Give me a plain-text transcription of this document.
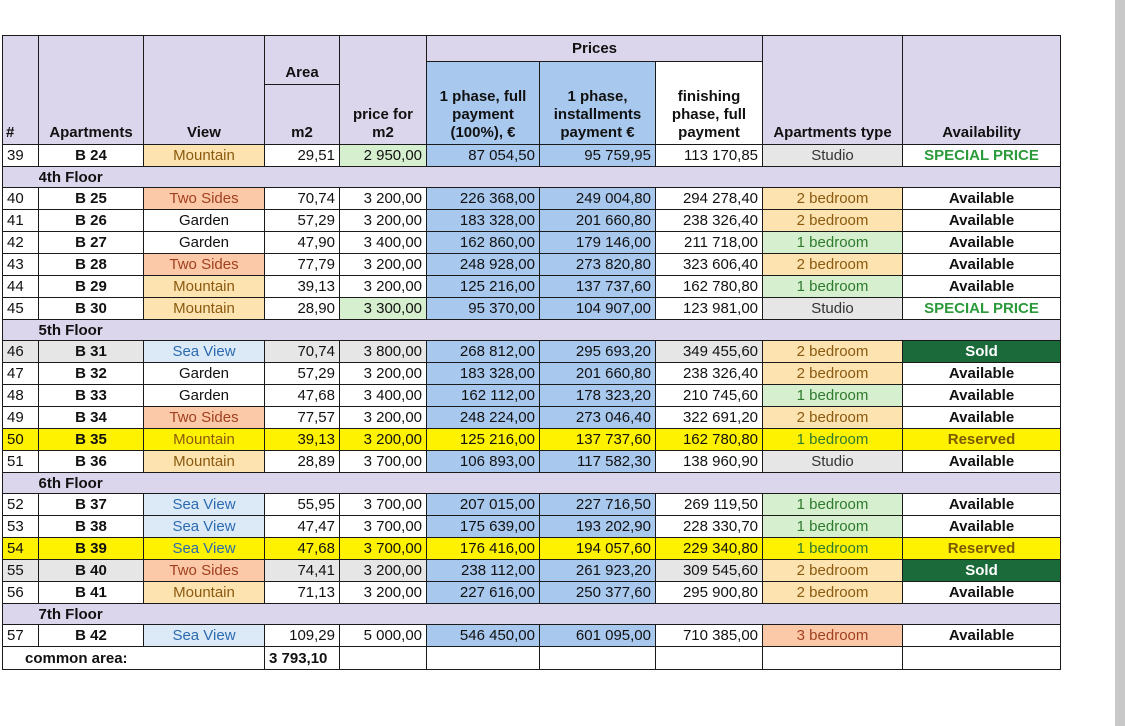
#	Apartments	View	Area	price for m2	Prices			Apartments type	Availability
					1 phase, full payment (100%), €	1 phase, installments payment €	finishing phase, full payment		
			m2						
39	B 24	Mountain	29,51	2 950,00	87 054,50	95 759,95	113 170,85	Studio	SPECIAL PRICE
	4th Floor								
40	B 25	Two Sides	70,74	3 200,00	226 368,00	249 004,80	294 278,40	2 bedroom	Available
41	B 26	Garden	57,29	3 200,00	183 328,00	201 660,80	238 326,40	2 bedroom	Available
42	B 27	Garden	47,90	3 400,00	162 860,00	179 146,00	211 718,00	1 bedroom	Available
43	B 28	Two Sides	77,79	3 200,00	248 928,00	273 820,80	323 606,40	2 bedroom	Available
44	B 29	Mountain	39,13	3 200,00	125 216,00	137 737,60	162 780,80	1 bedroom	Available
45	B 30	Mountain	28,90	3 300,00	95 370,00	104 907,00	123 981,00	Studio	SPECIAL PRICE
	5th Floor								
46	B 31	Sea View	70,74	3 800,00	268 812,00	295 693,20	349 455,60	2 bedroom	Sold
47	B 32	Garden	57,29	3 200,00	183 328,00	201 660,80	238 326,40	2 bedroom	Available
48	B 33	Garden	47,68	3 400,00	162 112,00	178 323,20	210 745,60	1 bedroom	Available
49	B 34	Two Sides	77,57	3 200,00	248 224,00	273 046,40	322 691,20	2 bedroom	Available
50	B 35	Mountain	39,13	3 200,00	125 216,00	137 737,60	162 780,80	1 bedroom	Reserved
51	B 36	Mountain	28,89	3 700,00	106 893,00	117 582,30	138 960,90	Studio	Available
	6th Floor								
52	B 37	Sea View	55,95	3 700,00	207 015,00	227 716,50	269 119,50	1 bedroom	Available
53	B 38	Sea View	47,47	3 700,00	175 639,00	193 202,90	228 330,70	1 bedroom	Available
54	B 39	Sea View	47,68	3 700,00	176 416,00	194 057,60	229 340,80	1 bedroom	Reserved
55	B 40	Two Sides	74,41	3 200,00	238 112,00	261 923,20	309 545,60	2 bedroom	Sold
56	B 41	Mountain	71,13	3 200,00	227 616,00	250 377,60	295 900,80	2 bedroom	Available
	7th Floor								
57	B 42	Sea View	109,29	5 000,00	546 450,00	601 095,00	710 385,00	3 bedroom	Available
common area:			3 793,10						
